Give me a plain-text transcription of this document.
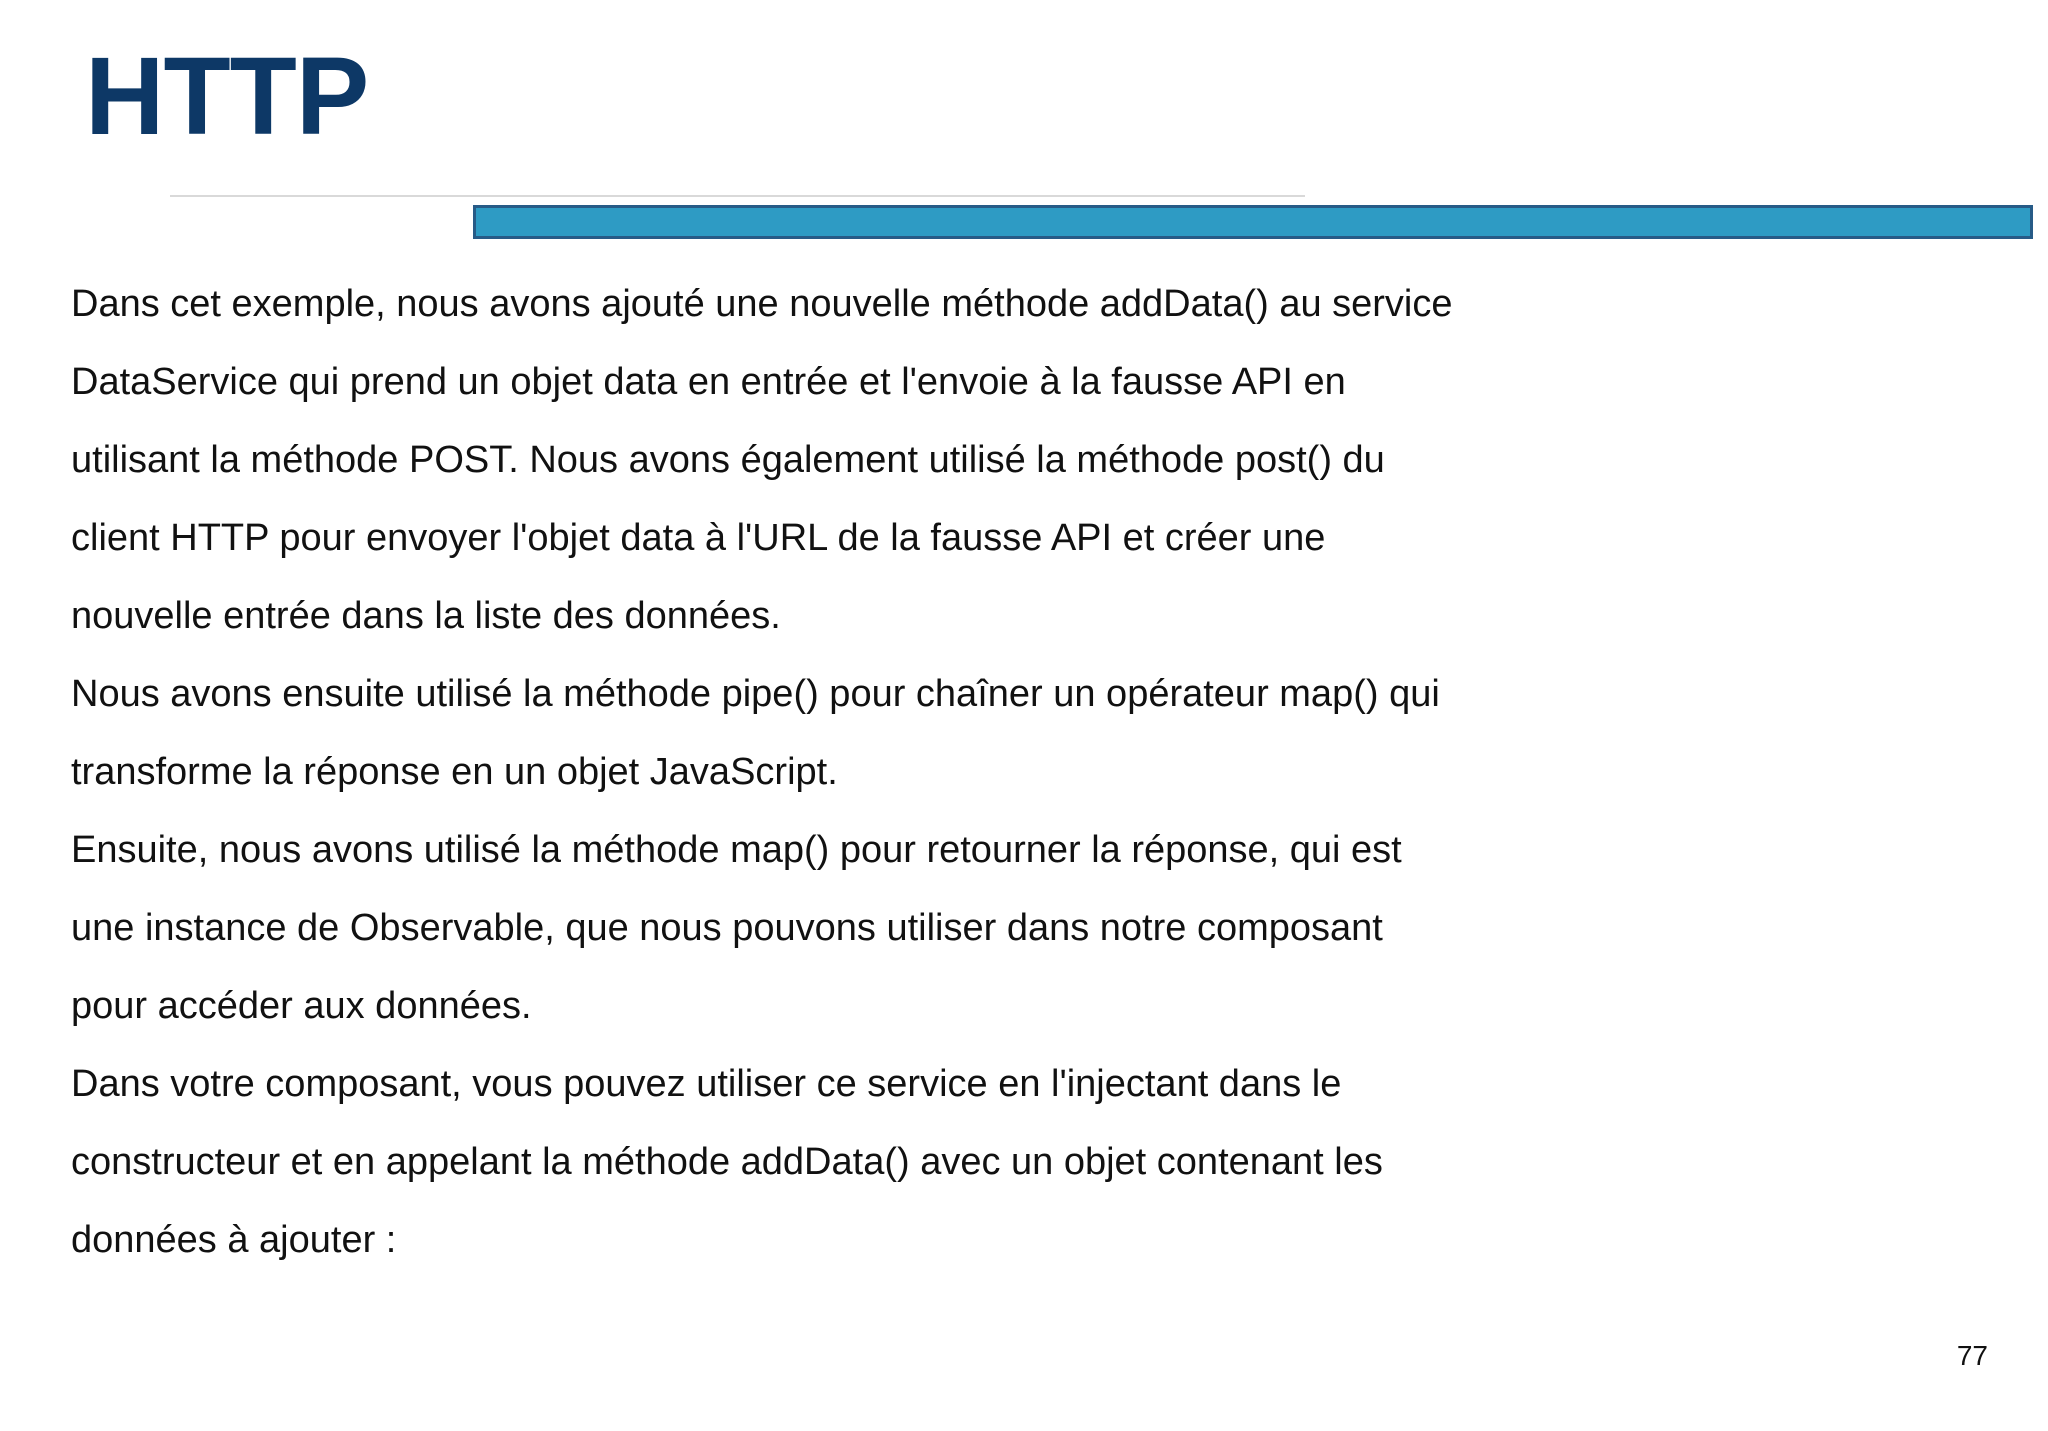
HTTP
Dans cet exemple, nous avons ajouté une nouvelle méthode addData() au service
DataService qui prend un objet data en entrée et l'envoie à la fausse API en
utilisant la méthode POST. Nous avons également utilisé la méthode post() du
client HTTP pour envoyer l'objet data à l'URL de la fausse API et créer une
nouvelle entrée dans la liste des données.
Nous avons ensuite utilisé la méthode pipe() pour chaîner un opérateur map() qui
transforme la réponse en un objet JavaScript.
Ensuite, nous avons utilisé la méthode map() pour retourner la réponse, qui est
une instance de Observable, que nous pouvons utiliser dans notre composant
pour accéder aux données.
Dans votre composant, vous pouvez utiliser ce service en l'injectant dans le
constructeur et en appelant la méthode addData() avec un objet contenant les
données à ajouter :
77
